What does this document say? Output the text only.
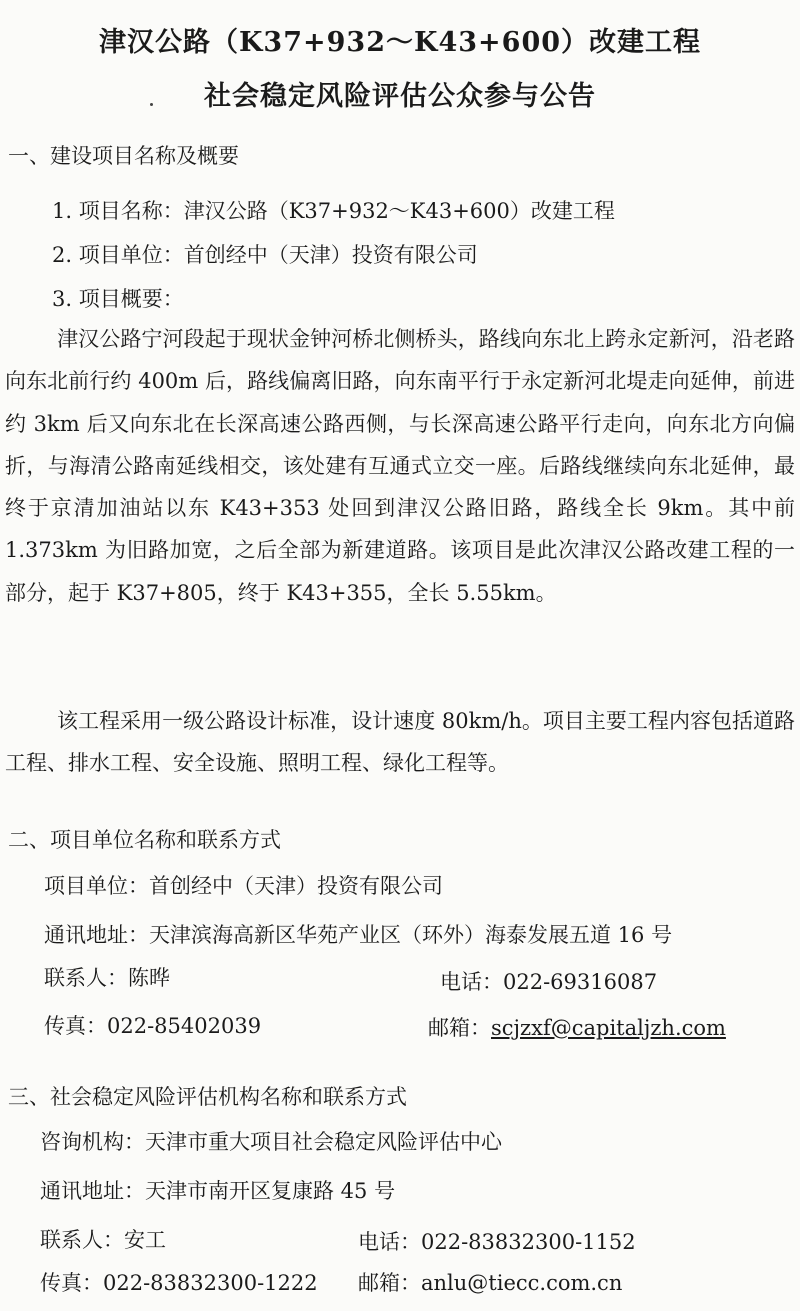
津汉公路（K37+932～K43+600）改建工程
社会稳定风险评估公众参与公告
一、建设项目名称及概要
1. 项目名称：津汉公路（K37+932～K43+600）改建工程
2. 项目单位：首创经中（天津）投资有限公司
3. 项目概要：
津汉公路宁河段起于现状金钟河桥北侧桥头，路线向东北上跨永定新河，沿老路向东北前行约 400m 后，路线偏离旧路，向东南平行于永定新河北堤走向延伸，前进约 3km 后又向东北在长深高速公路西侧，与长深高速公路平行走向，向东北方向偏折，与海清公路南延线相交，该处建有互通式立交一座。后路线继续向东北延伸，最终于京清加油站以东 K43+353 处回到津汉公路旧路，路线全长 9km。其中前 1.373km 为旧路加宽，之后全部为新建道路。该项目是此次津汉公路改建工程的一部分，起于 K37+805，终于 K43+355，全长 5.55km。
该工程采用一级公路设计标准，设计速度 80km/h。项目主要工程内容包括道路工程、排水工程、安全设施、照明工程、绿化工程等。
二、项目单位名称和联系方式
项目单位：首创经中（天津）投资有限公司
通讯地址：天津滨海高新区华苑产业区（环外）海泰发展五道 16 号
联系人：陈晔	电话：022-69316087
传真：022-85402039	邮箱：scjzxf@capitaljzh.com
三、社会稳定风险评估机构名称和联系方式
咨询机构：天津市重大项目社会稳定风险评估中心
通讯地址：天津市南开区复康路 45 号
联系人：安工	电话：022-83832300-1152
传真：022-83832300-1222 邮箱：anlu@tiecc.com.cn
